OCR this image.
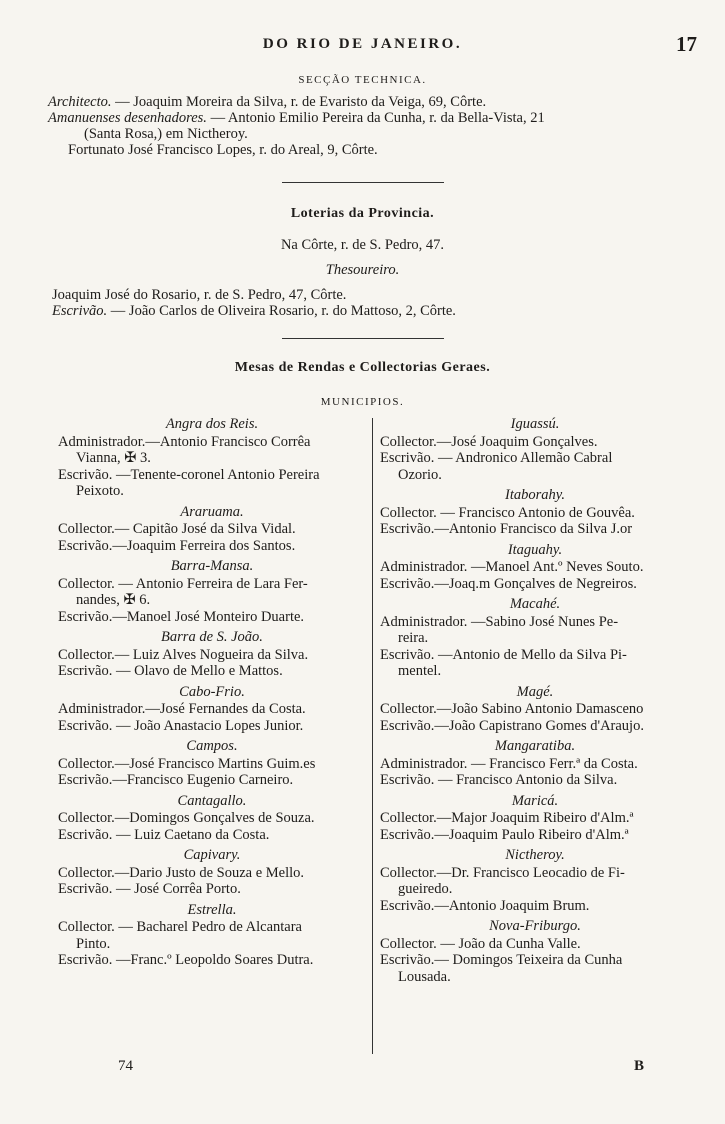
DO RIO DE JANEIRO.	17
SECÇÃO TECHNICA.
Architecto. — Joaquim Moreira da Silva, r. de Evaristo da Veiga, 69, Côrte.
Amanuenses desenhadores. — Antonio Emilio Pereira da Cunha, r. da Bella-Vista, 21
(Santa Rosa,) em Nictheroy.
Fortunato José Francisco Lopes, r. do Areal, 9, Côrte.
Loterias da Provincia.
Na Côrte, r. de S. Pedro, 47.
Thesoureiro.
Joaquim José do Rosario, r. de S. Pedro, 47, Côrte.
Escrivão. — João Carlos de Oliveira Rosario, r. do Mattoso, 2, Côrte.
Mesas de Rendas e Collectorias Geraes.
MUNICIPIOS.
Angra dos Reis.
Administrador.—Antonio Francisco Corrêa
Vianna, ✠ 3.
Escrivão. —Tenente-coronel Antonio Pereira
Peixoto.
Araruama.
Collector.— Capitão José da Silva Vidal.
Escrivão.—Joaquim Ferreira dos Santos.
Barra-Mansa.
Collector. — Antonio Ferreira de Lara Fer-
nandes, ✠ 6.
Escrivão.—Manoel José Monteiro Duarte.
Barra de S. João.
Collector.— Luiz Alves Nogueira da Silva.
Escrivão. — Olavo de Mello e Mattos.
Cabo-Frio.
Administrador.—José Fernandes da Costa.
Escrivão. — João Anastacio Lopes Junior.
Campos.
Collector.—José Francisco Martins Guim.es
Escrivão.—Francisco Eugenio Carneiro.
Cantagallo.
Collector.—Domingos Gonçalves de Souza.
Escrivão. — Luiz Caetano da Costa.
Capivary.
Collector.—Dario Justo de Souza e Mello.
Escrivão. — José Corrêa Porto.
Estrella.
Collector. — Bacharel Pedro de Alcantara
Pinto.
Escrivão. —Franc.º Leopoldo Soares Dutra.
Iguassú.
Collector.—José Joaquim Gonçalves.
Escrivão. — Andronico Allemão Cabral
Ozorio.
Itaborahy.
Collector. — Francisco Antonio de Gouvêa.
Escrivão.—Antonio Francisco da Silva J.or
Itaguahy.
Administrador. —Manoel Ant.º Neves Souto.
Escrivão.—Joaq.m Gonçalves de Negreiros.
Macahé.
Administrador. —Sabino José Nunes Pe-
reira.
Escrivão. —Antonio de Mello da Silva Pi-
mentel.
Magé.
Collector.—João Sabino Antonio Damasceno
Escrivão.—João Capistrano Gomes d'Araujo.
Mangaratiba.
Administrador. — Francisco Ferr.ª da Costa.
Escrivão. — Francisco Antonio da Silva.
Maricá.
Collector.—Major Joaquim Ribeiro d'Alm.ª
Escrivão.—Joaquim Paulo Ribeiro d'Alm.ª
Nictheroy.
Collector.—Dr. Francisco Leocadio de Fi-
gueiredo.
Escrivão.—Antonio Joaquim Brum.
Nova-Friburgo.
Collector. — João da Cunha Valle.
Escrivão.— Domingos Teixeira da Cunha
Lousada.
74	B
